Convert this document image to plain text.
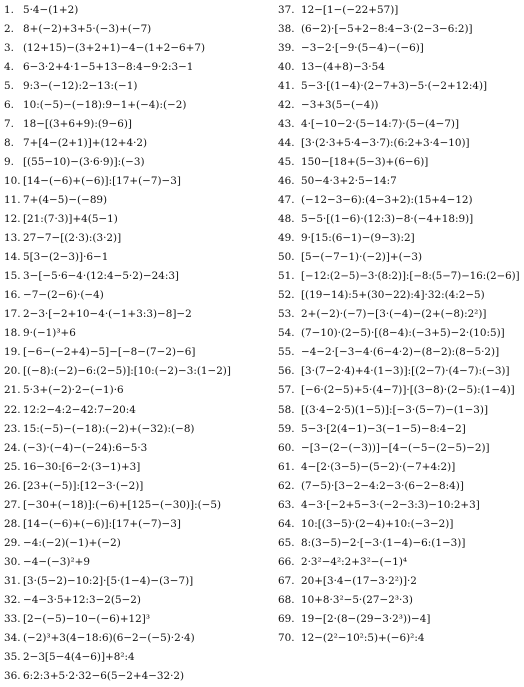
1. 5·4−(1+2)
2. 8+(−2)+3+5·(−3)+(−7)
3. (12+15)−(3+2+1)−4−(1+2−6+7)
4. 6−3·2+4·1−5+13−8:4−9·2:3−1
5. 9:3−(−12):2−13:(−1)
6. 10:(−5)−(−18):9−1+(−4):(−2)
7. 18−[(3+6+9):(9−6)]
8. 7+[4−(2+1)]+(12+4·2)
9. [(55−10)−(3·6·9)]:(−3)
10. [14−(−6)+(−6)]:[17+(−7)−3]
11. 7+(4−5)−(−89)
12. [21:(7·3)]+4(5−1)
13. 27−7−[(2·3):(3·2)]
14. 5[3−(2−3)]·6−1
15. 3−[−5·6−4·(12:4−5·2)−24:3]
16. −7−(2−6)·(−4)
17. 2−3·[−2+10−4·(−1+3:3)−8]−2
18. 9·(−1)³+6
19. [−6−(−2+4)−5]−[−8−(7−2)−6]
20. [(−8):(−2)−6:(2−5)]:[10:(−2)−3:(1−2)]
21. 5·3+(−2)·2−(−1)·6
22. 12:2−4:2−42:7−20:4
23. 15:(−5)−(−18):(−2)+(−32):(−8)
24. (−3)·(−4)−(−24):6−5·3
25. 16−30:[6−2·(3−1)+3]
26. [23+(−5)]:[12−3·(−2)]
27. [−30+(−18)]:(−6)+[125−(−30)]:(−5)
28. [14−(−6)+(−6)]:[17+(−7)−3]
29. −4:(−2)(−1)+(−2)
30. −4−(−3)²+9
31. [3·(5−2)−10:2]·[5·(1−4)−(3−7)]
32. −4−3·5+12:3−2(5−2)
33. [2−(−5)−10−(−6)+12]³
34. (−2)³+3(4−18:6)(6−2−(−5)·2·4)
35. 2−3[5−4(4−6)]+8²:4
36. 6:2:3+5·2·32−6(5−2+4−32·2)
37. 12−[1−(−22+57)]
38. (6−2)·[−5+2−8:4−3·(2−3−6:2)]
39. −3−2·[−9·(5−4)−(−6)]
40. 13−(4+8)−3·54
41. 5−3·[(1−4)·(2−7+3)−5·(−2+12:4)]
42. −3+3(5−(−4))
43. 4·[−10−2·(5−14:7)·(5−(4−7)]
44. [3·(2·3+5·4−3·7):(6:2+3·4−10)]
45. 150−[18+(5−3)+(6−6)]
46. 50−4·3+2·5−14:7
47. (−12−3−6):(4−3+2):(15+4−12)
48. 5−5·[(1−6)·(12:3)−8·(−4+18:9)]
49. 9·[15:(6−1)−(9−3):2]
50. [5−(−7−1)·(−2)]+(−3)
51. [−12:(2−5)−3·(8:2)]:[−8:(5−7)−16:(2−6)]
52. [(19−14):5+(30−22):4]·32:(4:2−5)
53. 2+(−2)·(−7)−[3·(−4)−(2+(−8):2²)]
54. (7−10)·(2−5)·[(8−4):(−3+5)−2·(10:5)]
55. −4−2·[−3−4·(6−4·2)−(8−2):(8−5·2)]
56. [3·(7−2·4)+4·(1−3)]:[(2−7)·(4−7):(−3)]
57. [−6·(2−5)+5·(4−7)]·[(3−8)·(2−5):(1−4)]
58. [(3·4−2·5)(1−5)]:[−3·(5−7)−(1−3)]
59. 5−3·[2(4−1)−3(−1−5)−8:4−2]
60. −[3−(2−(−3))]−[4−(−5−(2−5)−2)]
61. 4−[2·(3−5)−(5−2)·(−7+4:2)]
62. (7−5)·[3−2−4:2−3·(6−2−8:4)]
63. 4−3·[−2+5−3·(−2−3:3)−10:2+3]
64. 10:[(3−5)·(2−4)+10:(−3−2)]
65. 8:(3−5)−2·[−3·(1−4)−6:(1−3)]
66. 2·3²−4²:2+3²−(−1)⁴
67. 20+[3·4−(17−3·2²)]·2
68. 10+8·3²−5·(27−2³·3)
69. 19−[2·(8−(29−3·2³))−4]
70. 12−(2²−10²:5)+(−6)²:4
